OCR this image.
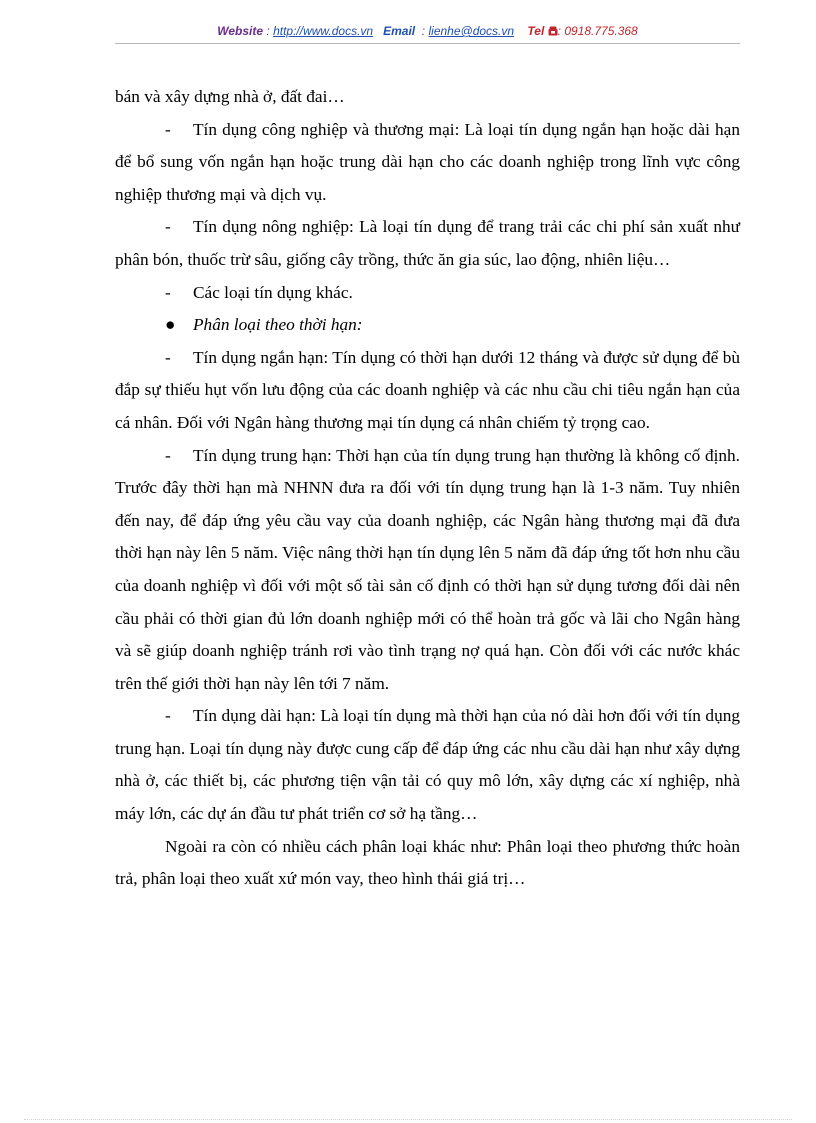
Website : http://www.docs.vn Email  : lienhe@docs.vn Tel : 0918.775.368

bán và xây dựng nhà ở, đất đai…

- Tín dụng công nghiệp và thương mại: Là loại tín dụng ngắn hạn hoặc dài hạn để bổ sung vốn ngắn hạn hoặc trung dài hạn cho các doanh nghiệp trong lĩnh vực công nghiệp thương mại và dịch vụ.

- Tín dụng nông nghiệp: Là loại tín dụng để trang trải các chi phí sản xuất như phân bón, thuốc trừ sâu, giống cây trồng, thức ăn gia súc, lao động, nhiên liệu…

- Các loại tín dụng khác.

● Phân loại theo thời hạn:

- Tín dụng ngắn hạn: Tín dụng có thời hạn dưới 12 tháng và được sử dụng để bù đắp sự thiếu hụt vốn lưu động của các doanh nghiệp và các nhu cầu chi tiêu ngắn hạn của cá nhân. Đối với Ngân hàng thương mại tín dụng cá nhân chiếm tỷ trọng cao.

- Tín dụng trung hạn: Thời hạn của tín dụng trung hạn thường là không cố định. Trước đây thời hạn mà NHNN đưa ra đối với tín dụng trung hạn là 1-3 năm. Tuy nhiên đến nay, để đáp ứng yêu cầu vay của doanh nghiệp, các Ngân hàng thương mại đã đưa thời hạn này lên 5 năm. Việc nâng thời hạn tín dụng lên 5 năm đã đáp ứng tốt hơn nhu cầu của doanh nghiệp vì đối với một số tài sản cố định có thời hạn sử dụng tương đối dài nên cầu phải có thời gian đủ lớn doanh nghiệp mới có thể hoàn trả gốc và lãi cho Ngân hàng và sẽ giúp doanh nghiệp tránh rơi vào tình trạng nợ quá hạn. Còn đối với các nước khác trên thế giới thời hạn này lên tới 7 năm.

- Tín dụng dài hạn: Là loại tín dụng mà thời hạn của nó dài hơn đối với tín dụng trung hạn. Loại tín dụng này được cung cấp để đáp ứng các nhu cầu dài hạn như xây dựng nhà ở, các thiết bị, các phương tiện vận tải có quy mô lớn, xây dựng các xí nghiệp, nhà máy lớn, các dự án đầu tư phát triển cơ sở hạ tầng…

Ngoài ra còn có nhiều cách phân loại khác như: Phân loại theo phương thức hoàn trả, phân loại theo xuất xứ món vay, theo hình thái giá trị…
